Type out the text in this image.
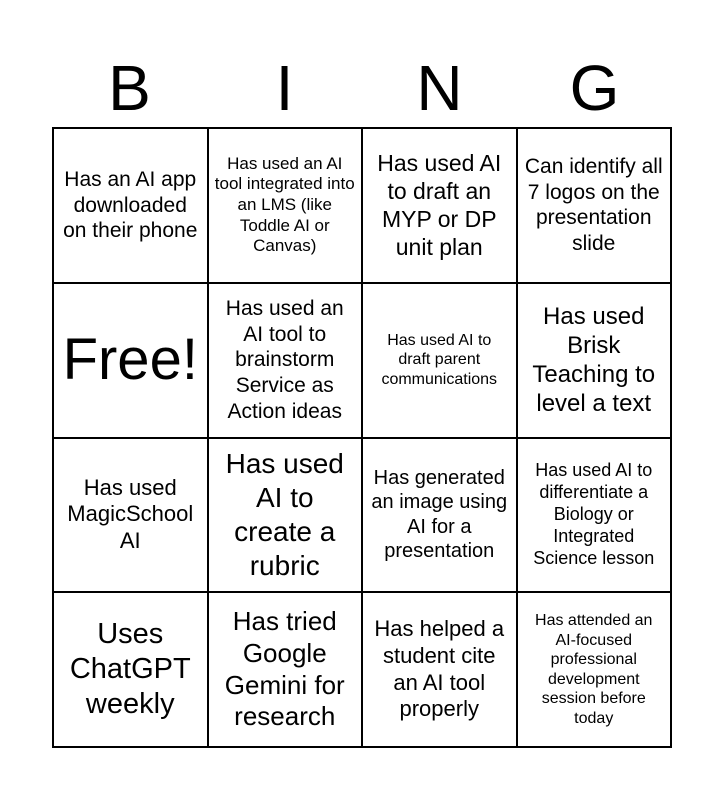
B	I	N	G
Has an AI app downloaded on their phone
Has used an AI tool integrated into an LMS (like Toddle AI or Canvas)
Has used AI to draft an MYP or DP unit plan
Can identify all 7 logos on the presentation slide
Free!
Has used an AI tool to brainstorm Service as Action ideas
Has used AI to draft parent communications
Has used Brisk Teaching to level a text
Has used MagicSchool AI
Has used AI to create a rubric
Has generated an image using AI for a presentation
Has used AI to differentiate a Biology or Integrated Science lesson
Uses ChatGPT weekly
Has tried Google Gemini for research
Has helped a student cite an AI tool properly
Has attended an AI-focused professional development session before today
